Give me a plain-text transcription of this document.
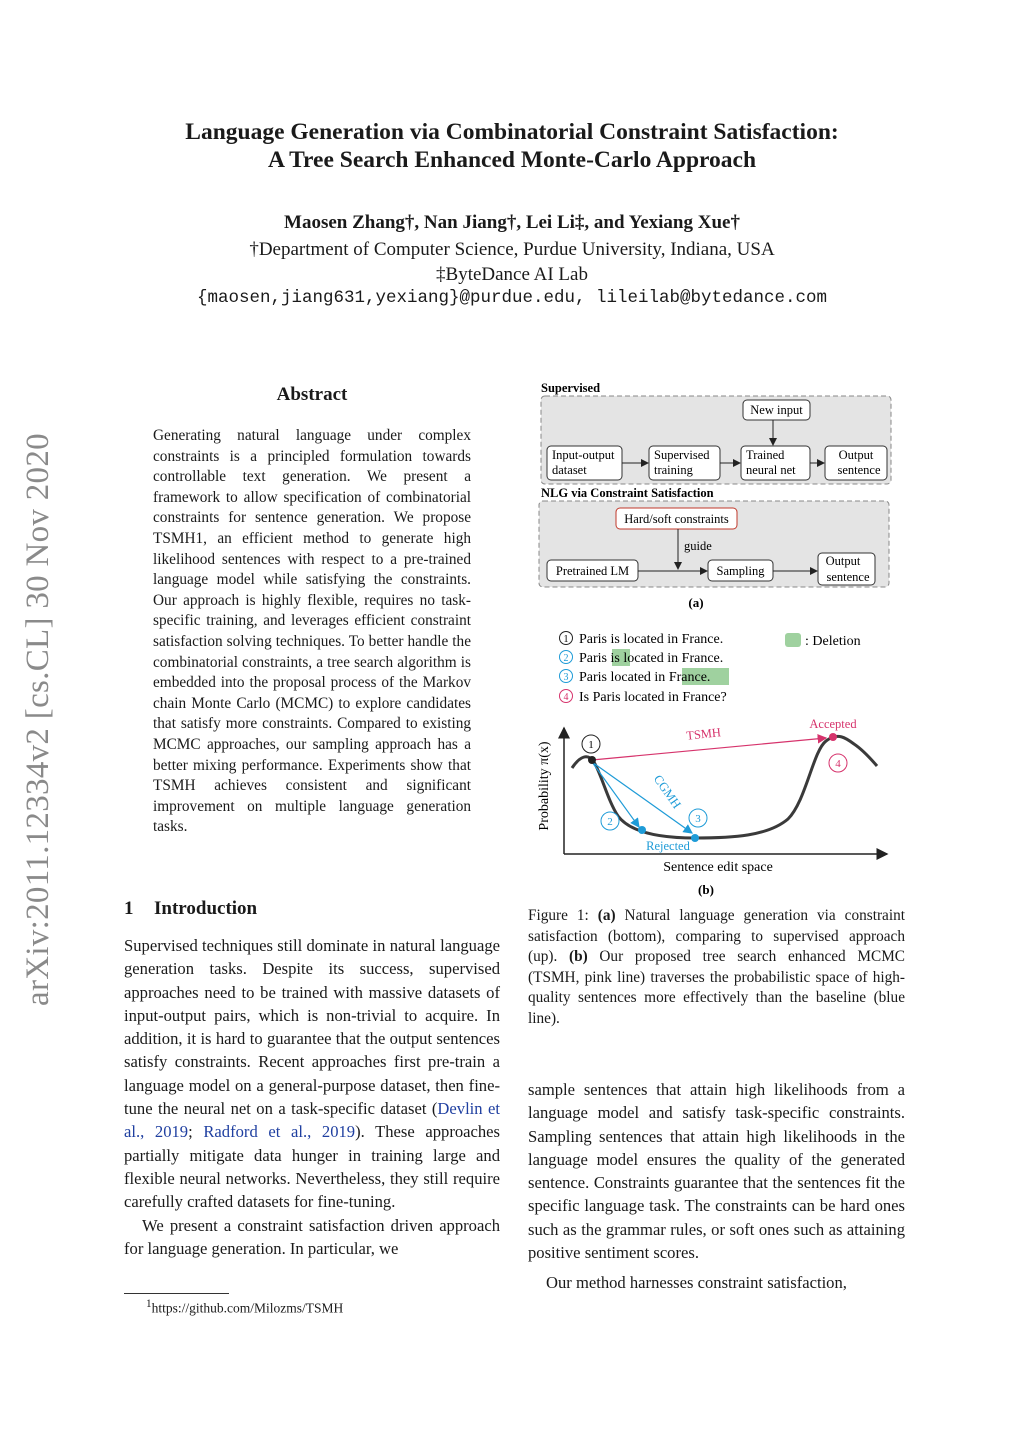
Language Generation via Combinatorial Constraint Satisfaction:
A Tree Search Enhanced Monte-Carlo Approach
Maosen Zhang†, Nan Jiang†, Lei Li‡, and Yexiang Xue†
†Department of Computer Science, Purdue University, Indiana, USA
‡ByteDance AI Lab
{maosen,jiang631,yexiang}@purdue.edu, lileilab@bytedance.com
arXiv:2011.12334v2 [cs.CL] 30 Nov 2020
Abstract
Generating natural language under complex constraints is a principled formulation towards controllable text generation. We present a framework to allow specification of combinatorial constraints for sentence generation. We propose TSMH1, an efficient method to generate high likelihood sentences with respect to a pre-trained language model while satisfying the constraints. Our approach is highly flexible, requires no task-specific training, and leverages efficient constraint satisfaction solving techniques. To better handle the combinatorial constraints, a tree search algorithm is embedded into the proposal process of the Markov chain Monte Carlo (MCMC) to explore candidates that satisfy more constraints. Compared to existing MCMC approaches, our sampling approach has a better mixing performance. Experiments show that TSMH achieves consistent and significant improvement on multiple language generation tasks.
1 Introduction

Supervised techniques still dominate in natural language generation tasks. Despite its success, supervised approaches need to be trained with massive datasets of input-output pairs, which is non-trivial to acquire. In addition, it is hard to guarantee that the output sentences satisfy constraints. Recent approaches first pre-train a language model on a general-purpose dataset, then fine-tune the neural net on a task-specific dataset (Devlin et al., 2019; Radford et al., 2019). These approaches partially mitigate data hunger in training large and flexible neural networks. Nevertheless, they still require carefully crafted datasets for fine-tuning.

We present a constraint satisfaction driven approach for language generation. In particular, we

$^1$https://github.com/Milozms/TSMH
Supervised
New input
Input-output
dataset
Supervised
training
Trained
neural net
Output
sentence
NLG via Constraint Satisfaction
Hard/soft constraints
guide
Pretrained LM	Sampling
Output
sentence
(a)
1 Paris is located in France.
2 Paris is located in France.
3 Paris located in France.
4 Is Paris located in France?
: Deletion
Probability π(x)
Sentence edit space
1
2	3
4
TSMH
CGMH
Accepted
Rejected
(b)
Figure 1: (a) Natural language generation via constraint satisfaction (bottom), comparing to supervised approach (up). (b) Our proposed tree search enhanced MCMC (TSMH, pink line) traverses the probabilistic space of high-quality sentences more effectively than the baseline (blue line).

sample sentences that attain high likelihoods from a language model and satisfy task-specific constraints. Sampling sentences that attain high likelihoods in the language model ensures the quality of the generated sentence. Constraints guarantee that the sentences fit the specific language task. The constraints can be hard ones such as the grammar rules, or soft ones such as attaining positive sentiment scores.

Our method harnesses constraint satisfaction,
